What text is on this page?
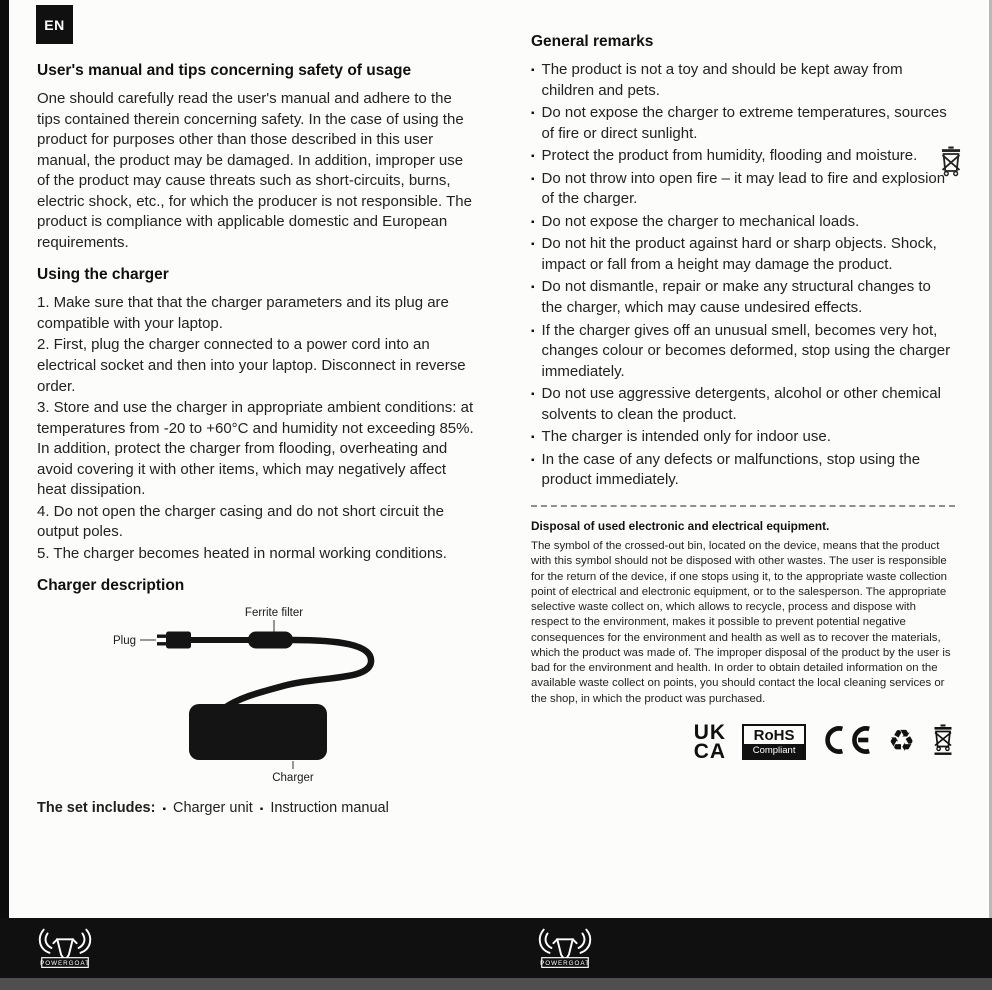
EN
User's manual and tips concerning safety of usage

One should carefully read the user's manual and adhere to the tips contained therein concerning safety. In the case of using the product for purposes other than those described in this user manual, the product may be damaged. In addition, improper use of the product may cause threats such as short-circuits, burns, electric shock, etc., for which the producer is not responsible. The product is compliance with applicable domestic and European requirements.

Using the charger
1. Make sure that that the charger parameters and its plug are compatible with your laptop.
2. First, plug the charger connected to a power cord into an electrical socket and then into your laptop. Disconnect in reverse order.
3. Store and use the charger in appropriate ambient conditions: at temperatures from -20 to +60°C and humidity not exceeding 85%. In addition, protect the charger from flooding, overheating and avoid covering it with other items, which may negatively affect heat dissipation.
4. Do not open the charger casing and do not short circuit the output poles.
5. The charger becomes heated in normal working conditions.
Charger description
Ferrite filter
Plug
Charger
The set includes: ▪ Charger unit ▪ Instruction manual
General remarks
▪ The product is not a toy and should be kept away from children and pets.
▪ Do not expose the charger to extreme temperatures, sources of fire or direct sunlight.
▪ Protect the product from humidity, flooding and moisture.
▪ Do not throw into open fire – it may lead to fire and explosion of the charger.
▪ Do not expose the charger to mechanical loads.
▪ Do not hit the product against hard or sharp objects. Shock, impact or fall from a height may damage the product.
▪ Do not dismantle, repair or make any structural changes to the charger, which may cause undesired effects.
▪ If the charger gives off an unusual smell, becomes very hot, changes colour or becomes deformed, stop using the charger immediately.
▪ Do not use aggressive detergents, alcohol or other chemical solvents to clean the product.
▪ The charger is intended only for indoor use.
▪ In the case of any defects or malfunctions, stop using the product immediately.
Disposal of used electronic and electrical equipment.

The symbol of the crossed-out bin, located on the device, means that the product with this symbol should not be disposed with other wastes. The user is responsible for the return of the device, if one stops using it, to the appropriate waste collection point of electrical and electronic equipment, or to the salesperson. The appropriate selective waste collect on, which allows to recycle, process and dispose with respect to the environment, makes it possible to prevent potential negative consequences for the environment and health as well as to recover the materials, which the product was made of. The improper disposal of the product by the user is bad for the environment and health. In order to obtain detailed information on the available waste collect on points, you should contact the local cleaning services or the shop, in which the product was purchased.

UK
CA
RoHS
Compliant	♻
POWERGOAT	POWERGOAT
